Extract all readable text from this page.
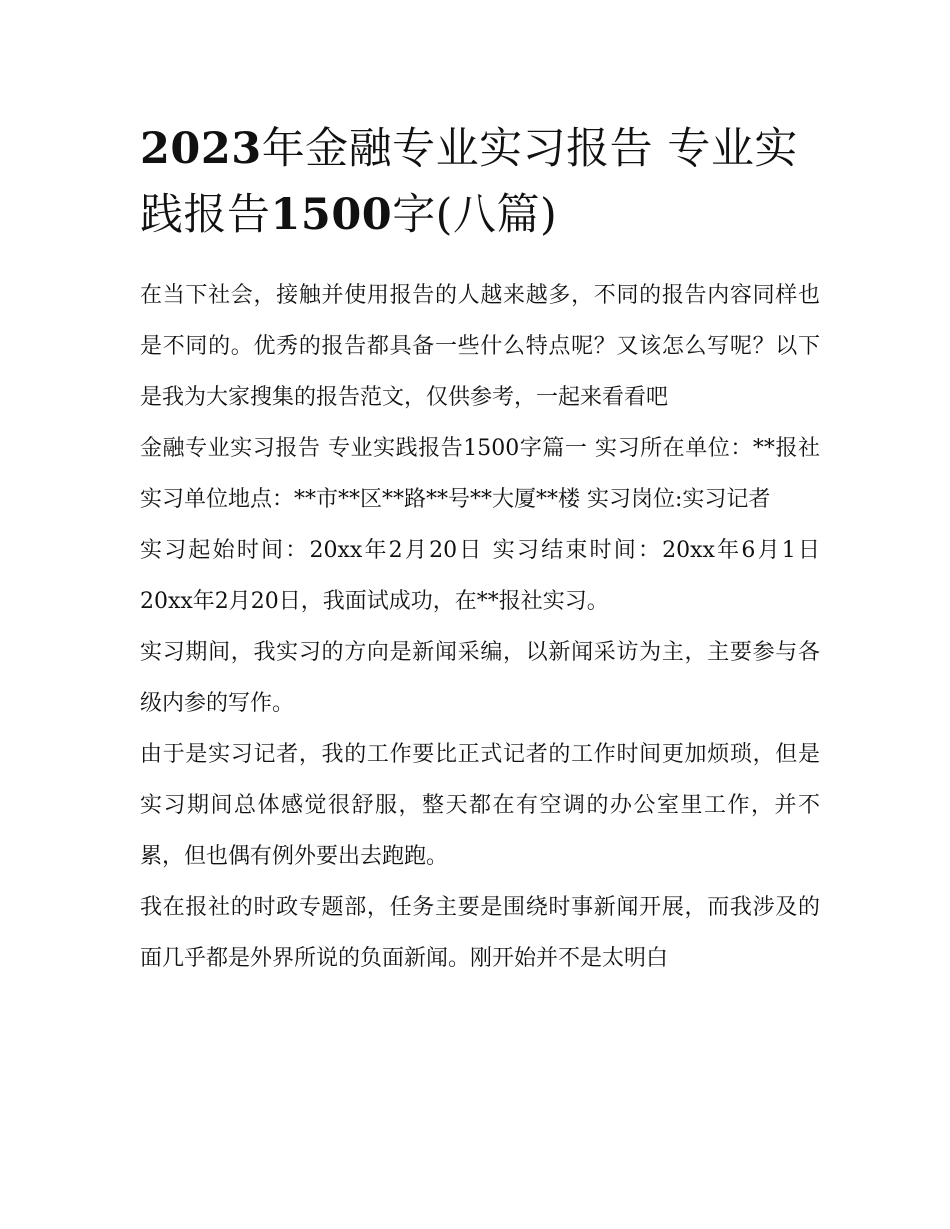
2023年金融专业实习报告 专业实践报告1500字(八篇)

在当下社会，接触并使用报告的人越来越多，不同的报告内容同样也是不同的。优秀的报告都具备一些什么特点呢？又该怎么写呢？以下是我为大家搜集的报告范文，仅供参考，一起来看看吧

金融专业实习报告 专业实践报告1500字篇一 实习所在单位：**报社 实习单位地点：**市**区**路**号**大厦**楼 实习岗位:实习记者

实习起始时间：20xx年2月20日 实习结束时间：20xx年6月1日 20xx年2月20日，我面试成功，在**报社实习。

实习期间，我实习的方向是新闻采编，以新闻采访为主，主要参与各级内参的写作。

由于是实习记者，我的工作要比正式记者的工作时间更加烦琐，但是实习期间总体感觉很舒服，整天都在有空调的办公室里工作，并不累，但也偶有例外要出去跑跑。

我在报社的时政专题部，任务主要是围绕时事新闻开展，而我涉及的面几乎都是外界所说的负面新闻。刚开始并不是太明白
